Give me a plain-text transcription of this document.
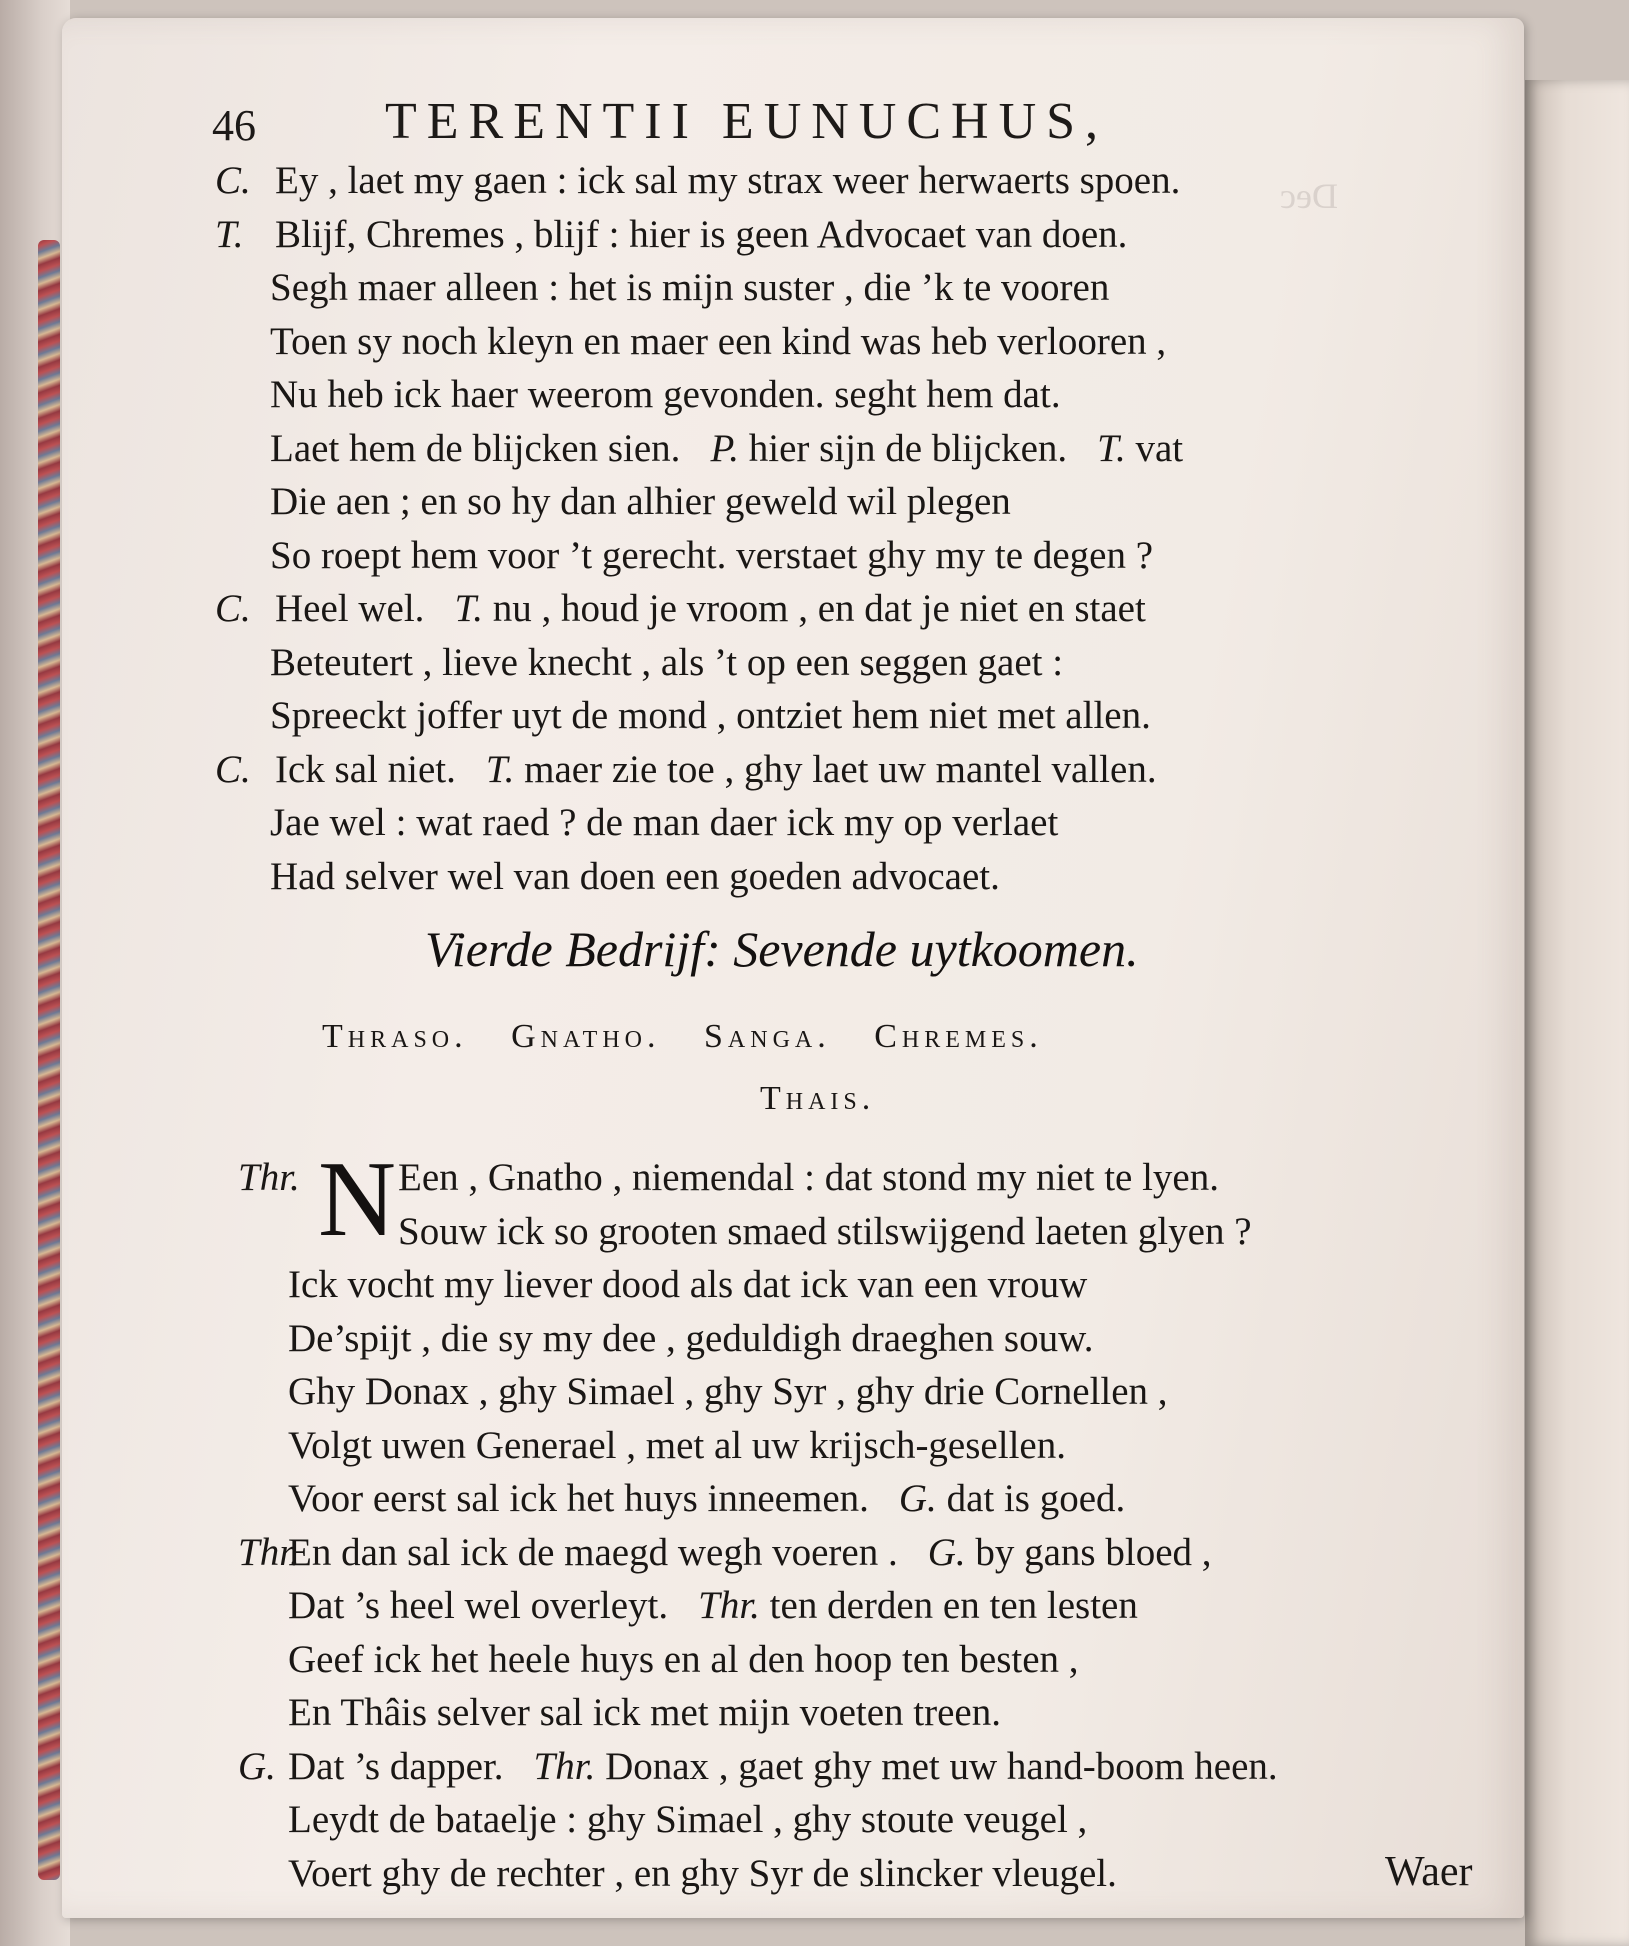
Dec
46 TERENTII EUNUCHUS,
C. Ey , laet my gaen : ick sal my strax weer herwaerts spoen.
T. Blijf, Chremes , blijf : hier is geen Advocaet van doen.
Segh maer alleen : het is mijn suster , die ’k te vooren
Toen sy noch kleyn en maer een kind was heb verlooren ,
Nu heb ick haer weerom gevonden. seght hem dat.
Laet hem de blijcken sien. P. hier sijn de blijcken. T. vat
Die aen ; en so hy dan alhier geweld wil plegen
So roept hem voor ’t gerecht. verstaet ghy my te degen ?
C. Heel wel. T. nu , houd je vroom , en dat je niet en staet
Beteutert , lieve knecht , als ’t op een seggen gaet :
Spreeckt joffer uyt de mond , ontziet hem niet met allen.
C. Ick sal niet. T. maer zie toe , ghy laet uw mantel vallen.
Jae wel : wat raed ? de man daer ick my op verlaet
Had selver wel van doen een goeden advocaet.
Vierde Bedrijf: Sevende uytkoomen.
Thraso. Gnatho. Sanga. Chremes.
Thais.
Thr.	Een , Gnatho , niemendal : dat stond my niet te lyen.
Souw ick so grooten smaed stilswijgend laeten glyen ?
Ick vocht my liever dood als dat ick van een vrouw
De’spijt , die sy my dee , geduldigh draeghen souw.
Ghy Donax , ghy Simael , ghy Syr , ghy drie Cornellen ,
Volgt uwen Generael , met al uw krijsch-gesellen.
Voor eerst sal ick het huys inneemen. G. dat is goed.
Thr.En dan sal ick de maegd wegh voeren . G. by gans bloed ,
Dat ’s heel wel overleyt. Thr. ten derden en ten lesten
Geef ick het heele huys en al den hoop ten besten ,
En Thâis selver sal ick met mijn voeten treen.
G. Dat ’s dapper. Thr. Donax , gaet ghy met uw hand-boom heen.
Leydt de bataelje : ghy Simael , ghy stoute veugel ,
Voert ghy de rechter , en ghy Syr de slincker vleugel.	Waer
N
